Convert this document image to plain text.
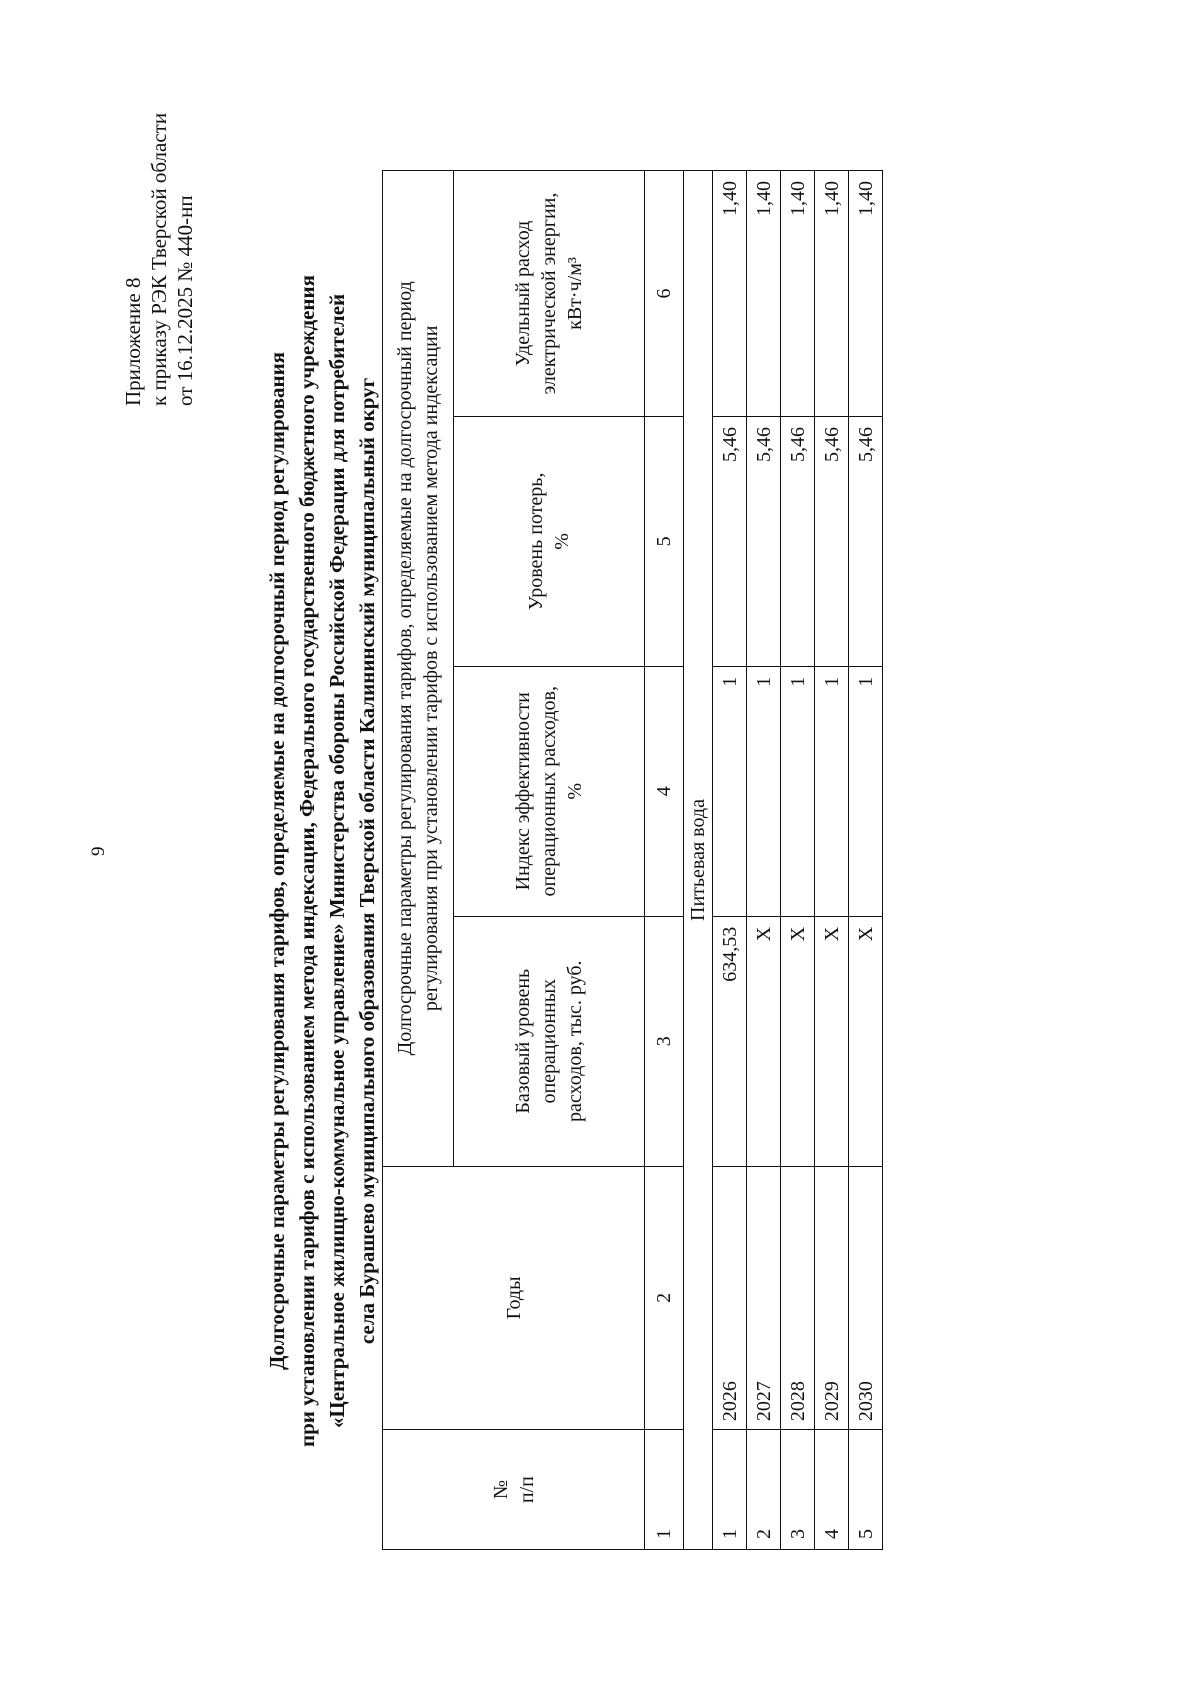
9
Приложение 8 к приказу РЭК Тверской области от 16.12.2025 № 440-нп
Долгосрочные параметры регулирования тарифов, определяемые на долгосрочный период регулирования при установлении тарифов с использованием метода индексации, Федерального государственного бюджетного учреждения «Центральное жилищно-коммунальное управление» Министерства обороны Российской Федерации для потребителей села Бурашево муниципального образования Тверской области Калининский муниципальный округ
№ п/п	Годы	Долгосрочные параметры регулирования тарифов, определяемые на долгосрочный период регулирования при установлении тарифов с использованием метода индексации			

		Базовый уровень операционных расходов, тыс. руб.	Индекс эффективности операционных расходов, %	Уровень потерь, %	Удельный расход электрической энергии, кВт·ч/м³

1	2	3	4	5	6
Питьевая вода					
1	2026	634,53	1	5,46	1,40
2	2027	Х	1	5,46	1,40
3	2028	Х	1	5,46	1,40
4	2029	Х	1	5,46	1,40
5	2030	Х	1	5,46	1,40
